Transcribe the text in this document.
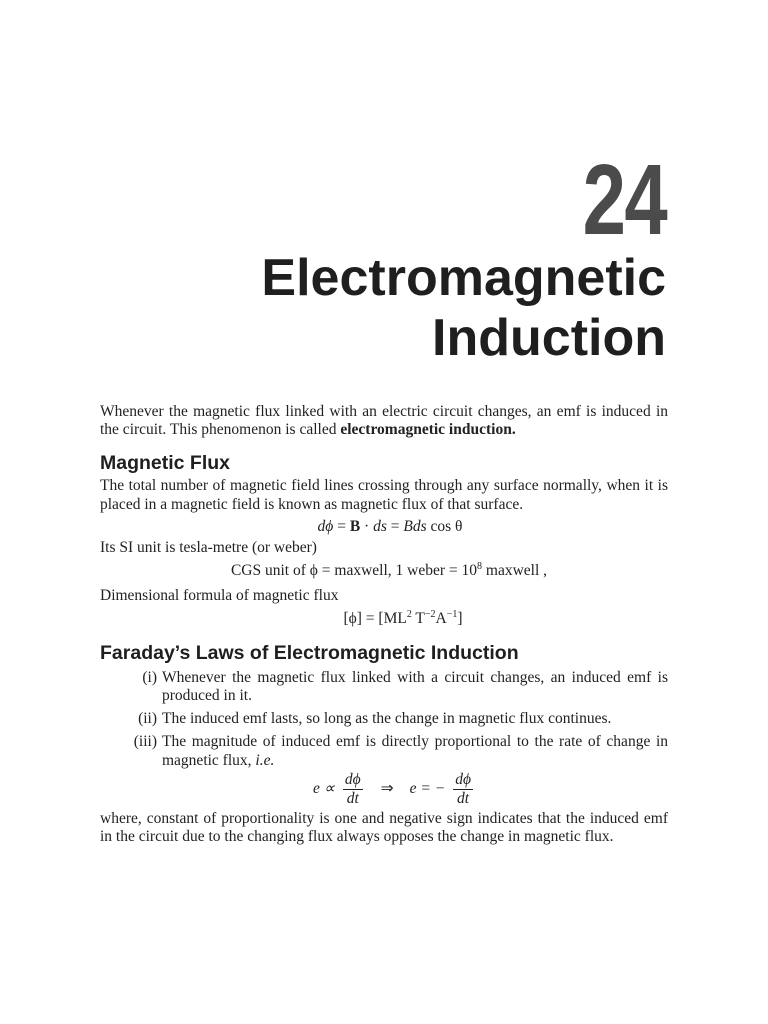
24
Electromagnetic
Induction

Whenever the magnetic flux linked with an electric circuit changes, an emf is induced in the circuit. This phenomenon is called electromagnetic induction.

Magnetic Flux

The total number of magnetic field lines crossing through any surface normally, when it is placed in a magnetic field is known as magnetic flux of that surface.

dϕ = B · ds = Bds cos θ

Its SI unit is tesla-metre (or weber)

CGS unit of ϕ = maxwell, 1 weber = $10^8$ maxwell ,

Dimensional formula of magnetic flux

$[\phi] = [ML^2$ $T^{-2}A^{-1}$]
Faraday’s Laws of Electromagnetic Induction
(i) Whenever the magnetic flux linked with a circuit changes, an induced emf is produced in it.
(ii) The induced emf lasts, so long as the change in magnetic flux continues.
(iii) The magnitude of induced emf is directly proportional to the rate of change in magnetic flux, i.e.
$e \propto \frac{d\phi}{dt}$ ⇒ e = − $\frac{d\phi}{dt}$

where, constant of proportionality is one and negative sign indicates that the induced emf in the circuit due to the changing flux always opposes the change in magnetic flux.
